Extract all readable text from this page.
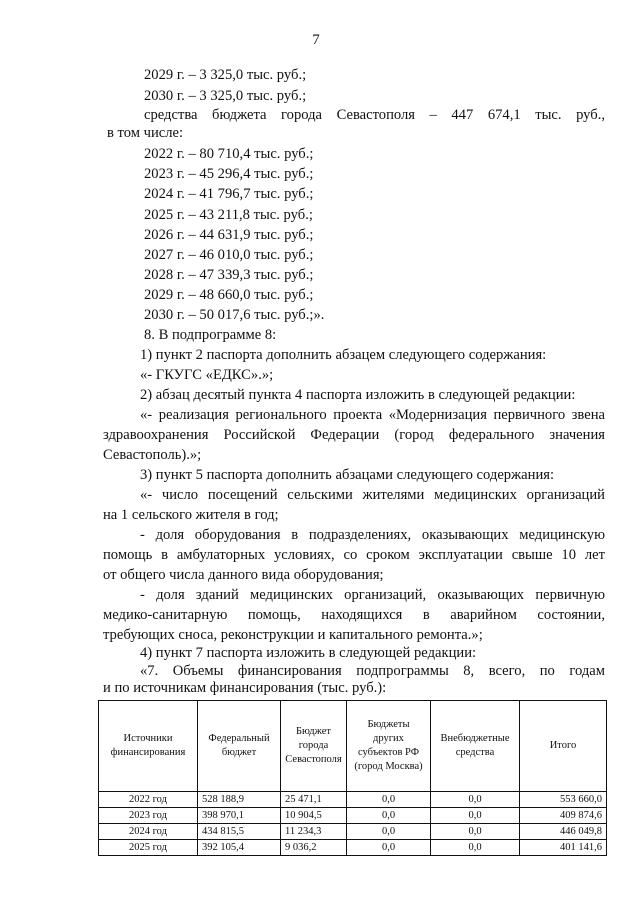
7
2029 г. – 3 325,0 тыс. руб.;
2030 г. – 3 325,0 тыс. руб.;
средства бюджета города Севастополя – 447 674,1 тыс. руб.,
в том числе:
2022 г. – 80 710,4 тыс. руб.;
2023 г. – 45 296,4 тыс. руб.;
2024 г. – 41 796,7 тыс. руб.;
2025 г. – 43 211,8 тыс. руб.;
2026 г. – 44 631,9 тыс. руб.;
2027 г. – 46 010,0 тыс. руб.;
2028 г. – 47 339,3 тыс. руб.;
2029 г. – 48 660,0 тыс. руб.;
2030 г. – 50 017,6 тыс. руб.;».
8. В подпрограмме 8:
1) пункт 2 паспорта дополнить абзацем следующего содержания:
«- ГКУГС «ЕДКС».»;
2) абзац десятый пункта 4 паспорта изложить в следующей редакции:
«- реализация регионального проекта «Модернизация первичного звена
здравоохранения Российской Федерации (город федерального значения
Севастополь).»;
3) пункт 5 паспорта дополнить абзацами следующего содержания:
«- число посещений сельскими жителями медицинских организаций
на 1 сельского жителя в год;
- доля оборудования в подразделениях, оказывающих медицинскую
помощь в амбулаторных условиях, со сроком эксплуатации свыше 10 лет
от общего числа данного вида оборудования;
- доля зданий медицинских организаций, оказывающих первичную
медико-санитарную помощь, находящихся в аварийном состоянии,
требующих сноса, реконструкции и капитального ремонта.»;
4) пункт 7 паспорта изложить в следующей редакции:
«7. Объемы финансирования подпрограммы 8, всего, по годам
и по источникам финансирования (тыс. руб.):
Источники финансирования	Федеральный бюджет	Бюджет города Севастополя	Бюджеты других субъектов РФ (город Москва)	Внебюджетные средства	Итого
2022 год	528 188,9	25 471,1	0,0	0,0	553 660,0
2023 год	398 970,1	10 904,5	0,0	0,0	409 874,6
2024 год	434 815,5	11 234,3	0,0	0,0	446 049,8
2025 год	392 105,4	9 036,2	0,0	0,0	401 141,6
